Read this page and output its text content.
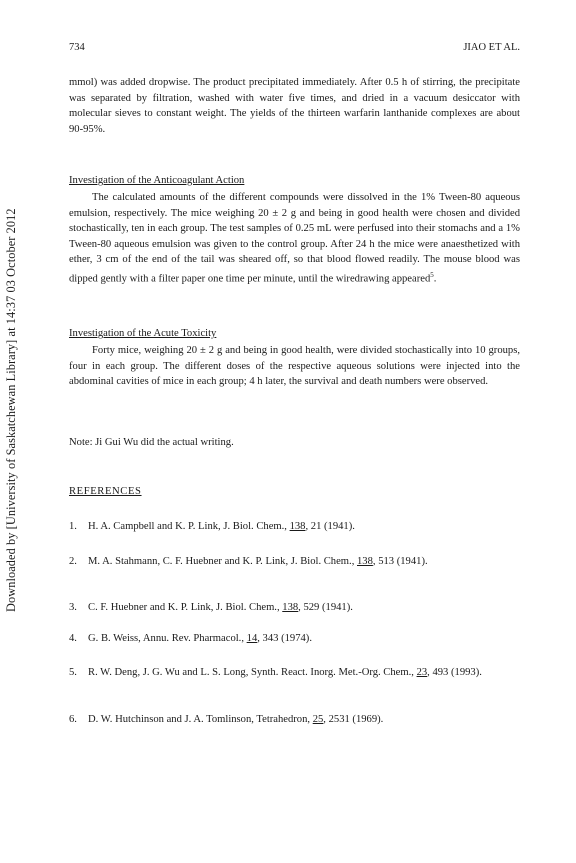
734	JIAO ET AL.
Downloaded by [University of Saskatchewan Library] at 14:37 03 October 2012

mmol) was added dropwise. The product precipitated immediately. After 0.5 h of stirring, the precipitate was separated by filtration, washed with water five times, and dried in a vacuum desiccator with molecular sieves to constant weight. The yields of the thirteen warfarin lanthanide complexes are about 90-95%.

Investigation of the Anticoagulant Action

The calculated amounts of the different compounds were dissolved in the 1% Tween-80 aqueous emulsion, respectively. The mice weighing 20 ± 2 g and being in good health were chosen and divided stochastically, ten in each group. The test samples of 0.25 mL were perfused into their stomachs and a 1% Tween-80 aqueous emulsion was given to the control group. After 24 h the mice were anaesthetized with ether, 3 cm of the end of the tail was sheared off, so that blood flowed readily. The mouse blood was dipped gently with a filter paper one time per minute, until the wiredrawing appeared$^5$.

Investigation of the Acute Toxicity

Forty mice, weighing 20 ± 2 g and being in good health, were divided stochastically into 10 groups, four in each group. The different doses of the respective aqueous solutions were injected into the abdominal cavities of mice in each group; 4 h later, the survival and death numbers were observed.

Note: Ji Gui Wu did the actual writing.
REFERENCES
1.	H. A. Campbell and K. P. Link, J. Biol. Chem., 138, 21 (1941).
2.	M. A. Stahmann, C. F. Huebner and K. P. Link, J. Biol. Chem., 138, 513 (1941).
3.	C. F. Huebner and K. P. Link, J. Biol. Chem., 138, 529 (1941).
4.	G. B. Weiss, Annu. Rev. Pharmacol., 14, 343 (1974).
5.	R. W. Deng, J. G. Wu and L. S. Long, Synth. React. Inorg. Met.-Org. Chem., 23, 493 (1993).
6.	D. W. Hutchinson and J. A. Tomlinson, Tetrahedron, 25, 2531 (1969).
